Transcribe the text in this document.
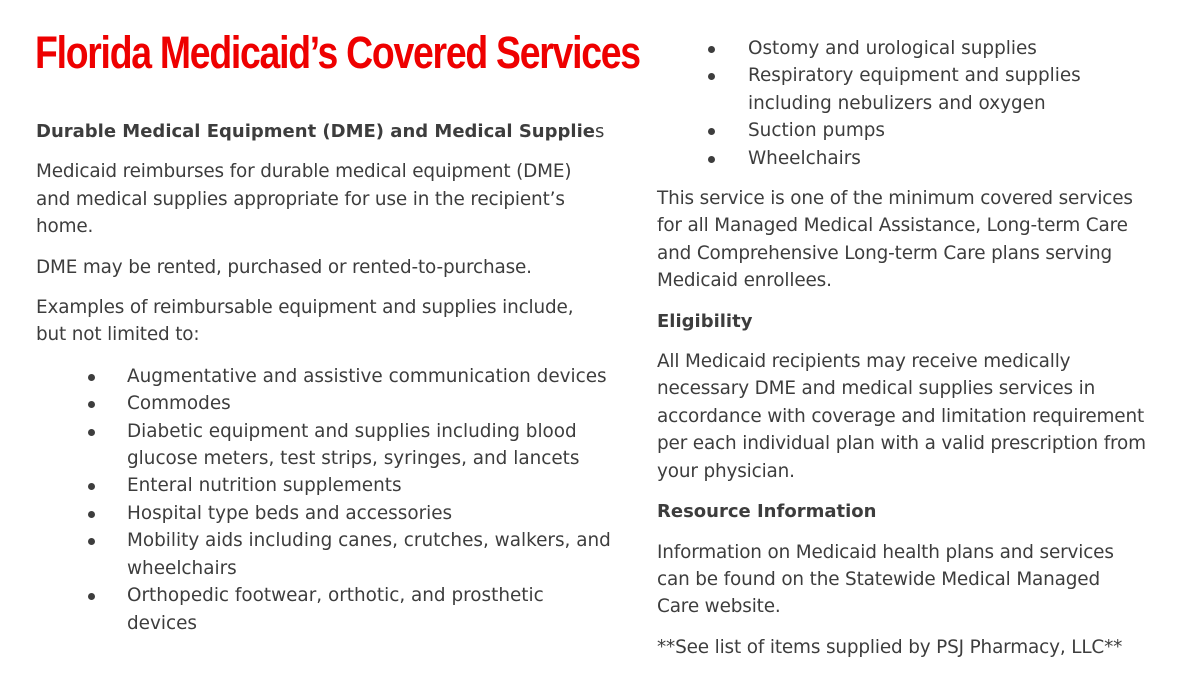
Florida Medicaid’s Covered Services
Durable Medical Equipment (DME) and Medical Supplies

Medicaid reimburses for durable medical equipment (DME) and medical supplies appropriate for use in the recipient’s home.

DME may be rented, purchased or rented-to-purchase.

Examples of reimbursable equipment and supplies include, but not limited to:

Augmentative and assistive communication devices
Commodes
Diabetic equipment and supplies including blood glucose meters, test strips, syringes, and lancets
Enteral nutrition supplements
Hospital type beds and accessories
Mobility aids including canes, crutches, walkers, and wheelchairs
Orthopedic footwear, orthotic, and prosthetic devices
Ostomy and urological supplies
Respiratory equipment and supplies including nebulizers and oxygen
Suction pumps
Wheelchairs

This service is one of the minimum covered services for all Managed Medical Assistance, Long-term Care and Comprehensive Long-term Care plans serving Medicaid enrollees.

Eligibility

All Medicaid recipients may receive medically necessary DME and medical supplies services in accordance with coverage and limitation requirement per each individual plan with a valid prescription from your physician.

Resource Information

Information on Medicaid health plans and services can be found on the Statewide Medical Managed Care website.

**See list of items supplied by PSJ Pharmacy, LLC**
